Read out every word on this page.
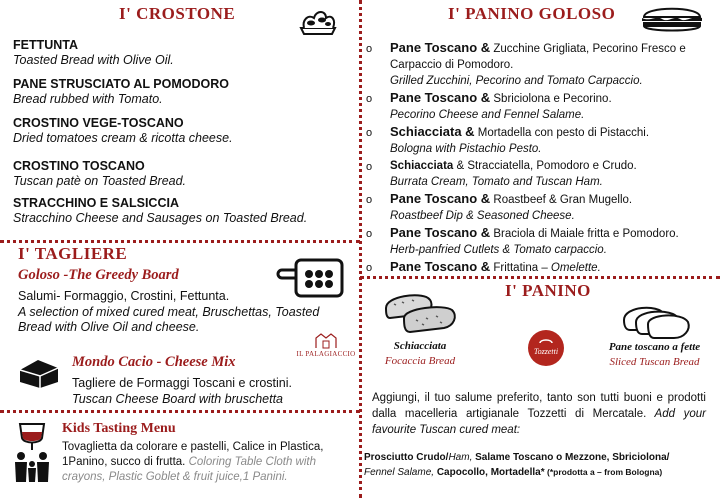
I' CROSTONE
FETTUNTA
Toasted Bread with Olive Oil.
PANE STRUSCIATO AL POMODORO
Bread rubbed with Tomato.
CROSTINO VEGE-TOSCANO
Dried tomatoes cream & ricotta cheese.
CROSTINO TOSCANO
Tuscan patè on Toasted Bread.
STRACCHINO E SALSICCIA
Stracchino Cheese and Sausages on Toasted Bread.
I' TAGLIERE
Goloso -The Greedy Board
Salumi- Formaggio, Crostini, Fettunta.
A selection of mixed cured meat, Bruschettas, Toasted Bread with Olive Oil and cheese.
IL PALAGIACCIO
Mondo Cacio - Cheese Mix
Tagliere de Formaggi Toscani e crostini.
Tuscan Cheese Board with bruschetta
Kids Tasting Menu
Tovaglietta da colorare e pastelli, Calice in Plastica,
1Panino, succo di frutta. Coloring Table Cloth with
crayons, Plastic Goblet & fruit juice,1 Panini.
I' PANINO GOLOSO
o	Pane Toscano & Zucchine Grigliata, Pecorino Fresco e Carpaccio di Pomodoro.
Grilled Zucchini, Pecorino and Tomato Carpaccio.
o	Pane Toscano & Sbriciolona e Pecorino.
Pecorino Cheese and Fennel Salame.
o	Schiacciata & Mortadella con pesto di Pistacchi.
Bologna with Pistachio Pesto.
o	Schiacciata & Stracciatella, Pomodoro e Crudo.
Burrata Cream, Tomato and Tuscan Ham.
o	Pane Toscano & Roastbeef & Gran Mugello.
Roastbeef Dip & Seasoned Cheese.
o	Pane Toscano & Braciola di Maiale fritta e Pomodoro.
Herb-panfried Cutlets & Tomato carpaccio.
o	Pane Toscano & Frittatina – Omelette.
I' PANINO
Schiacciata
Focaccia Bread
Tozzetti	Pane toscano a fette
Sliced Tuscan Bread
Aggiungi, il tuo salume preferito, tanto son tutti buoni e prodotti dalla macelleria artigianale Tozzetti di Mercatale. Add your favourite Tuscan cured meat:
Prosciutto Crudo/Ham, Salame Toscano o Mezzone, Sbriciolona/
Fennel Salame, Capocollo, Mortadella* (*prodotta a – from Bologna)
